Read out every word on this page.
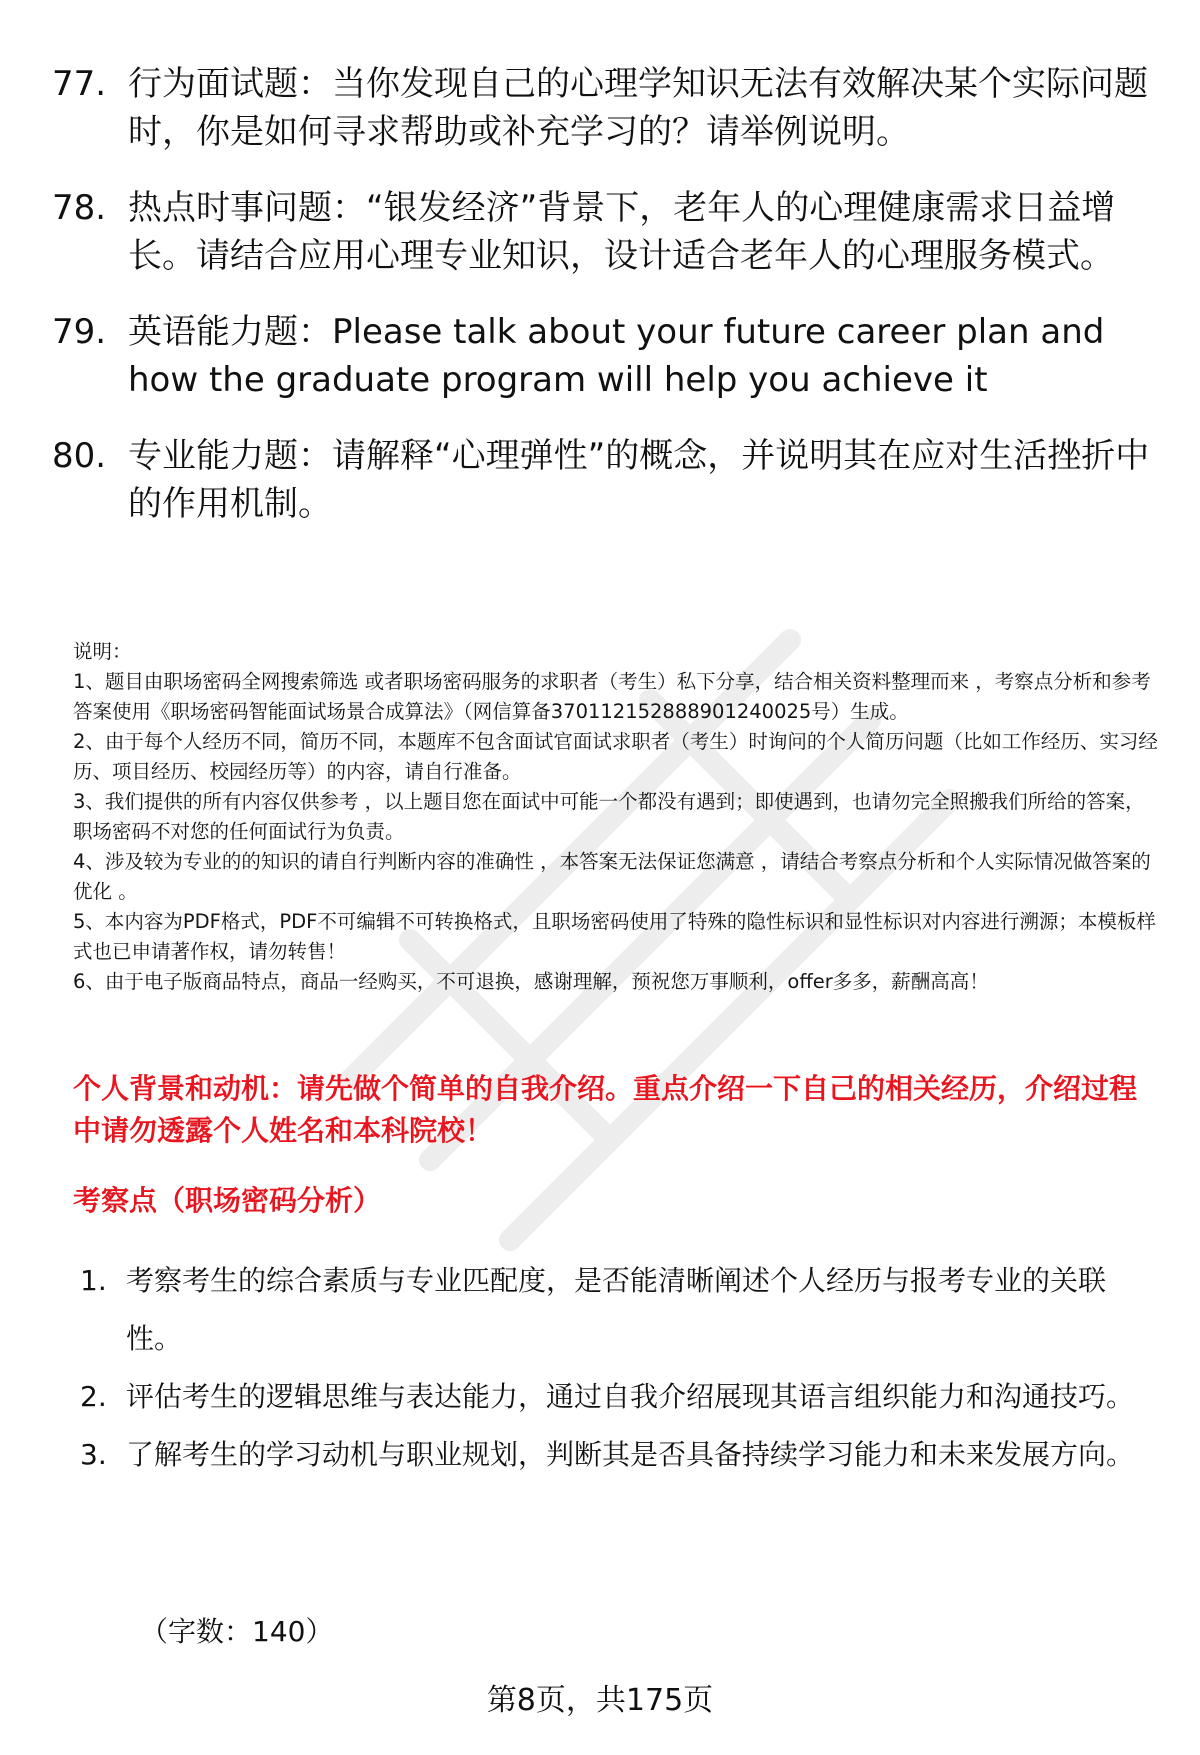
77. 行为面试题：当你发现自己的心理学知识无法有效解决某个实际问题时，你是如何寻求帮助或补充学习的？请举例说明。
78. 热点时事问题：“银发经济”背景下，老年人的心理健康需求日益增长。请结合应用心理专业知识，设计适合老年人的心理服务模式。
79. 英语能力题：Please talk about your future career plan and how the graduate program will help you achieve it
80. 专业能力题：请解释“心理弹性”的概念，并说明其在应对生活挫折中的作用机制。

说明：

1、题目由职场密码全网搜索筛选 或者职场密码服务的求职者（考生）私下分享，结合相关资料整理而来 ，考察点分析和参考答案使用《职场密码智能面试场景合成算法》（网信算备370112152888901240025号）生成。

2、由于每个人经历不同，简历不同，本题库不包含面试官面试求职者（考生）时询问的个人简历问题（比如工作经历、实习经历、项目经历、校园经历等）的内容，请自行准备。

3、我们提供的所有内容仅供参考 ，以上题目您在面试中可能一个都没有遇到；即使遇到，也请勿完全照搬我们所给的答案，职场密码不对您的任何面试行为负责。

4、涉及较为专业的的知识的请自行判断内容的准确性 ，本答案无法保证您满意 ，请结合考察点分析和个人实际情况做答案的优化 。

5、本内容为PDF格式，PDF不可编辑不可转换格式，且职场密码使用了特殊的隐性标识和显性标识对内容进行溯源；本模板样式也已申请著作权，请勿转售！

6、由于电子版商品特点，商品一经购买，不可退换，感谢理解，预祝您万事顺利，offer多多，薪酬高高！

个人背景和动机：请先做个简单的自我介绍。重点介绍一下自己的相关经历，介绍过程中请勿透露个人姓名和本科院校！
考察点（职场密码分析）
1. 考察考生的综合素质与专业匹配度，是否能清晰阐述个人经历与报考专业的关联性。
2. 评估考生的逻辑思维与表达能力，通过自我介绍展现其语言组织能力和沟通技巧。
3. 了解考生的学习动机与职业规划，判断其是否具备持续学习能力和未来发展方向。
（字数：140）
第8页，共175页
